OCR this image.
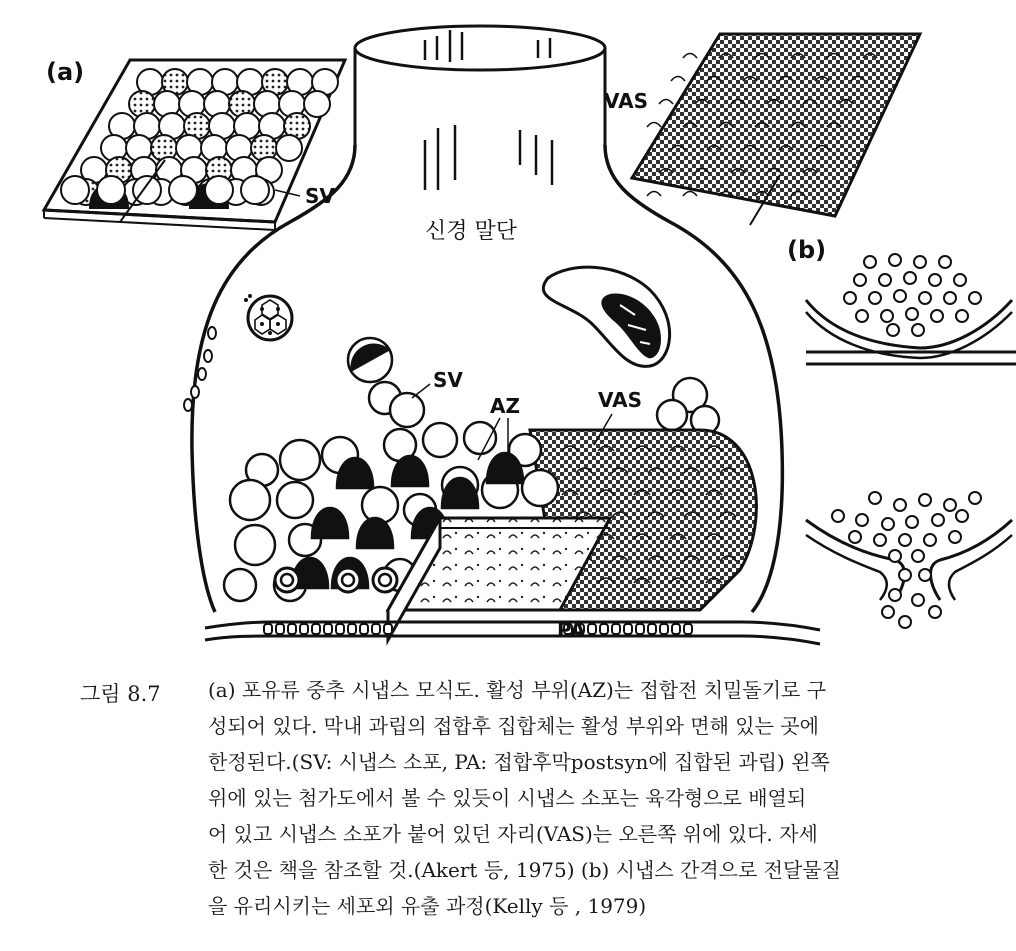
(a)
SV
VAS
신경 말단
SV
AZ	VAS
PA
(b)
그림 8.7 (a) 포유류 중추 시냅스 모식도. 활성 부위(AZ)는 접합전 치밀돌기로 구
성되어 있다. 막내 과립의 접합후 집합체는 활성 부위와 면해 있는 곳에
한정된다.(SV: 시냅스 소포, PA: 접합후막postsyn에 집합된 과립) 왼쪽
위에 있는 첨가도에서 볼 수 있듯이 시냅스 소포는 육각형으로 배열되
어 있고 시냅스 소포가 붙어 있던 자리(VAS)는 오른쪽 위에 있다. 자세
한 것은 책을 참조할 것.(Akert 등, 1975) (b) 시냅스 간격으로 전달물질
을 유리시키는 세포외 유출 과정(Kelly 등 , 1979)
